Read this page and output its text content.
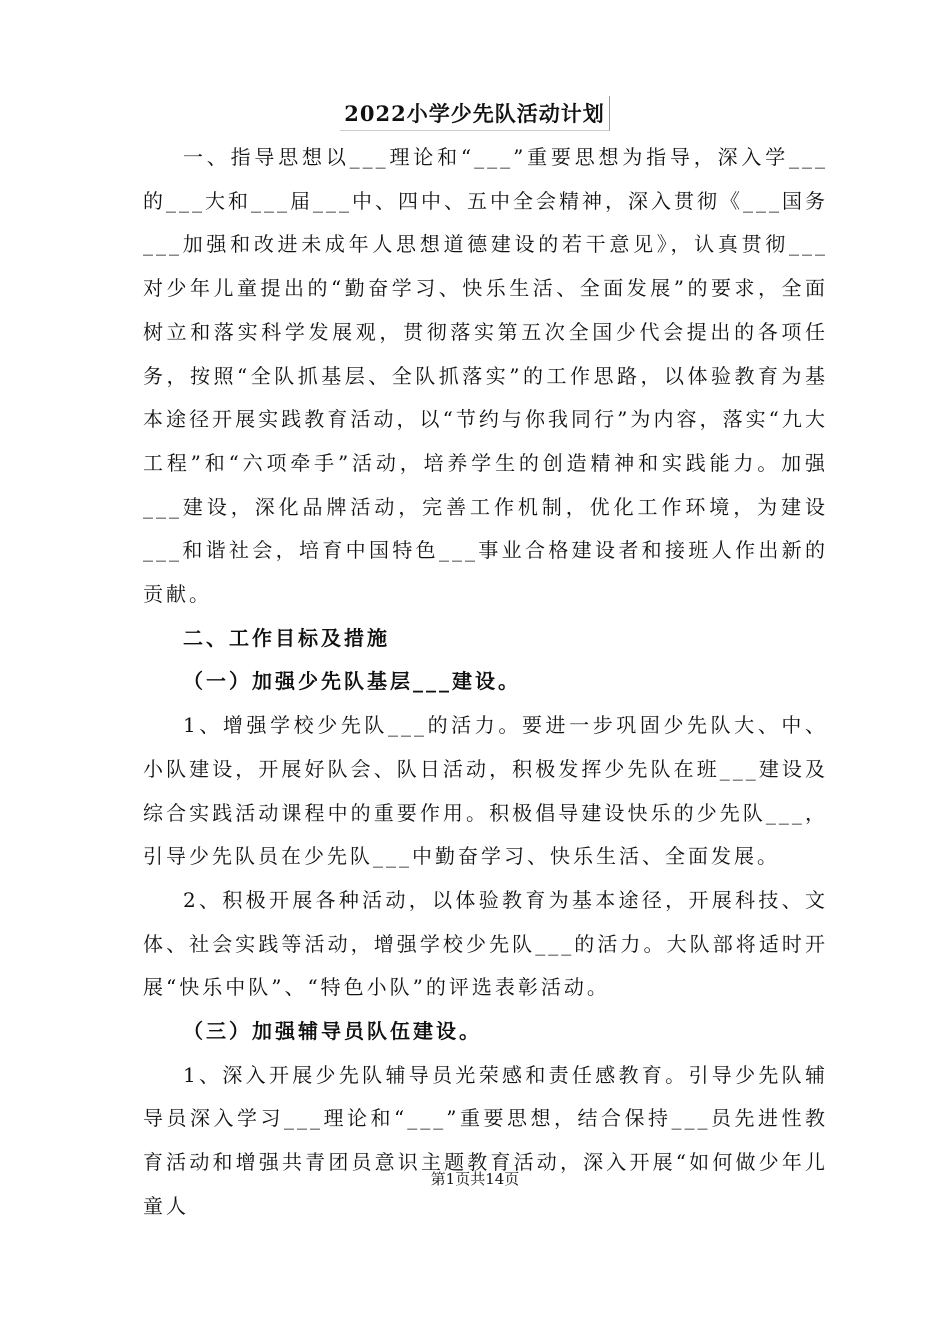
2022小学少先队活动计划

一、指导思想以___理论和“___”重要思想为指导，深入学___的___大和___届___中、四中、五中全会精神，深入贯彻《___国务___加强和改进未成年人思想道德建设的若干意见》，认真贯彻___对少年儿童提出的“勤奋学习、快乐生活、全面发展”的要求，全面树立和落实科学发展观，贯彻落实第五次全国少代会提出的各项任务，按照“全队抓基层、全队抓落实”的工作思路，以体验教育为基本途径开展实践教育活动，以“节约与你我同行”为内容，落实“九大工程”和“六项牵手”活动，培养学生的创造精神和实践能力。加强___建设，深化品牌活动，完善工作机制，优化工作环境，为建设___和谐社会，培育中国特色___事业合格建设者和接班人作出新的贡献。

二、工作目标及措施

（一）加强少先队基层___建设。

1、增强学校少先队___的活力。要进一步巩固少先队大、中、小队建设，开展好队会、队日活动，积极发挥少先队在班___建设及综合实践活动课程中的重要作用。积极倡导建设快乐的少先队___，引导少先队员在少先队___中勤奋学习、快乐生活、全面发展。

2、积极开展各种活动，以体验教育为基本途径，开展科技、文体、社会实践等活动，增强学校少先队___的活力。大队部将适时开展“快乐中队”、“特色小队”的评选表彰活动。

（三）加强辅导员队伍建设。

1、深入开展少先队辅导员光荣感和责任感教育。引导少先队辅导员深入学习___理论和“___”重要思想，结合保持___员先进性教育活动和增强共青团员意识主题教育活动，深入开展“如何做少年儿童人

第1页共14页
